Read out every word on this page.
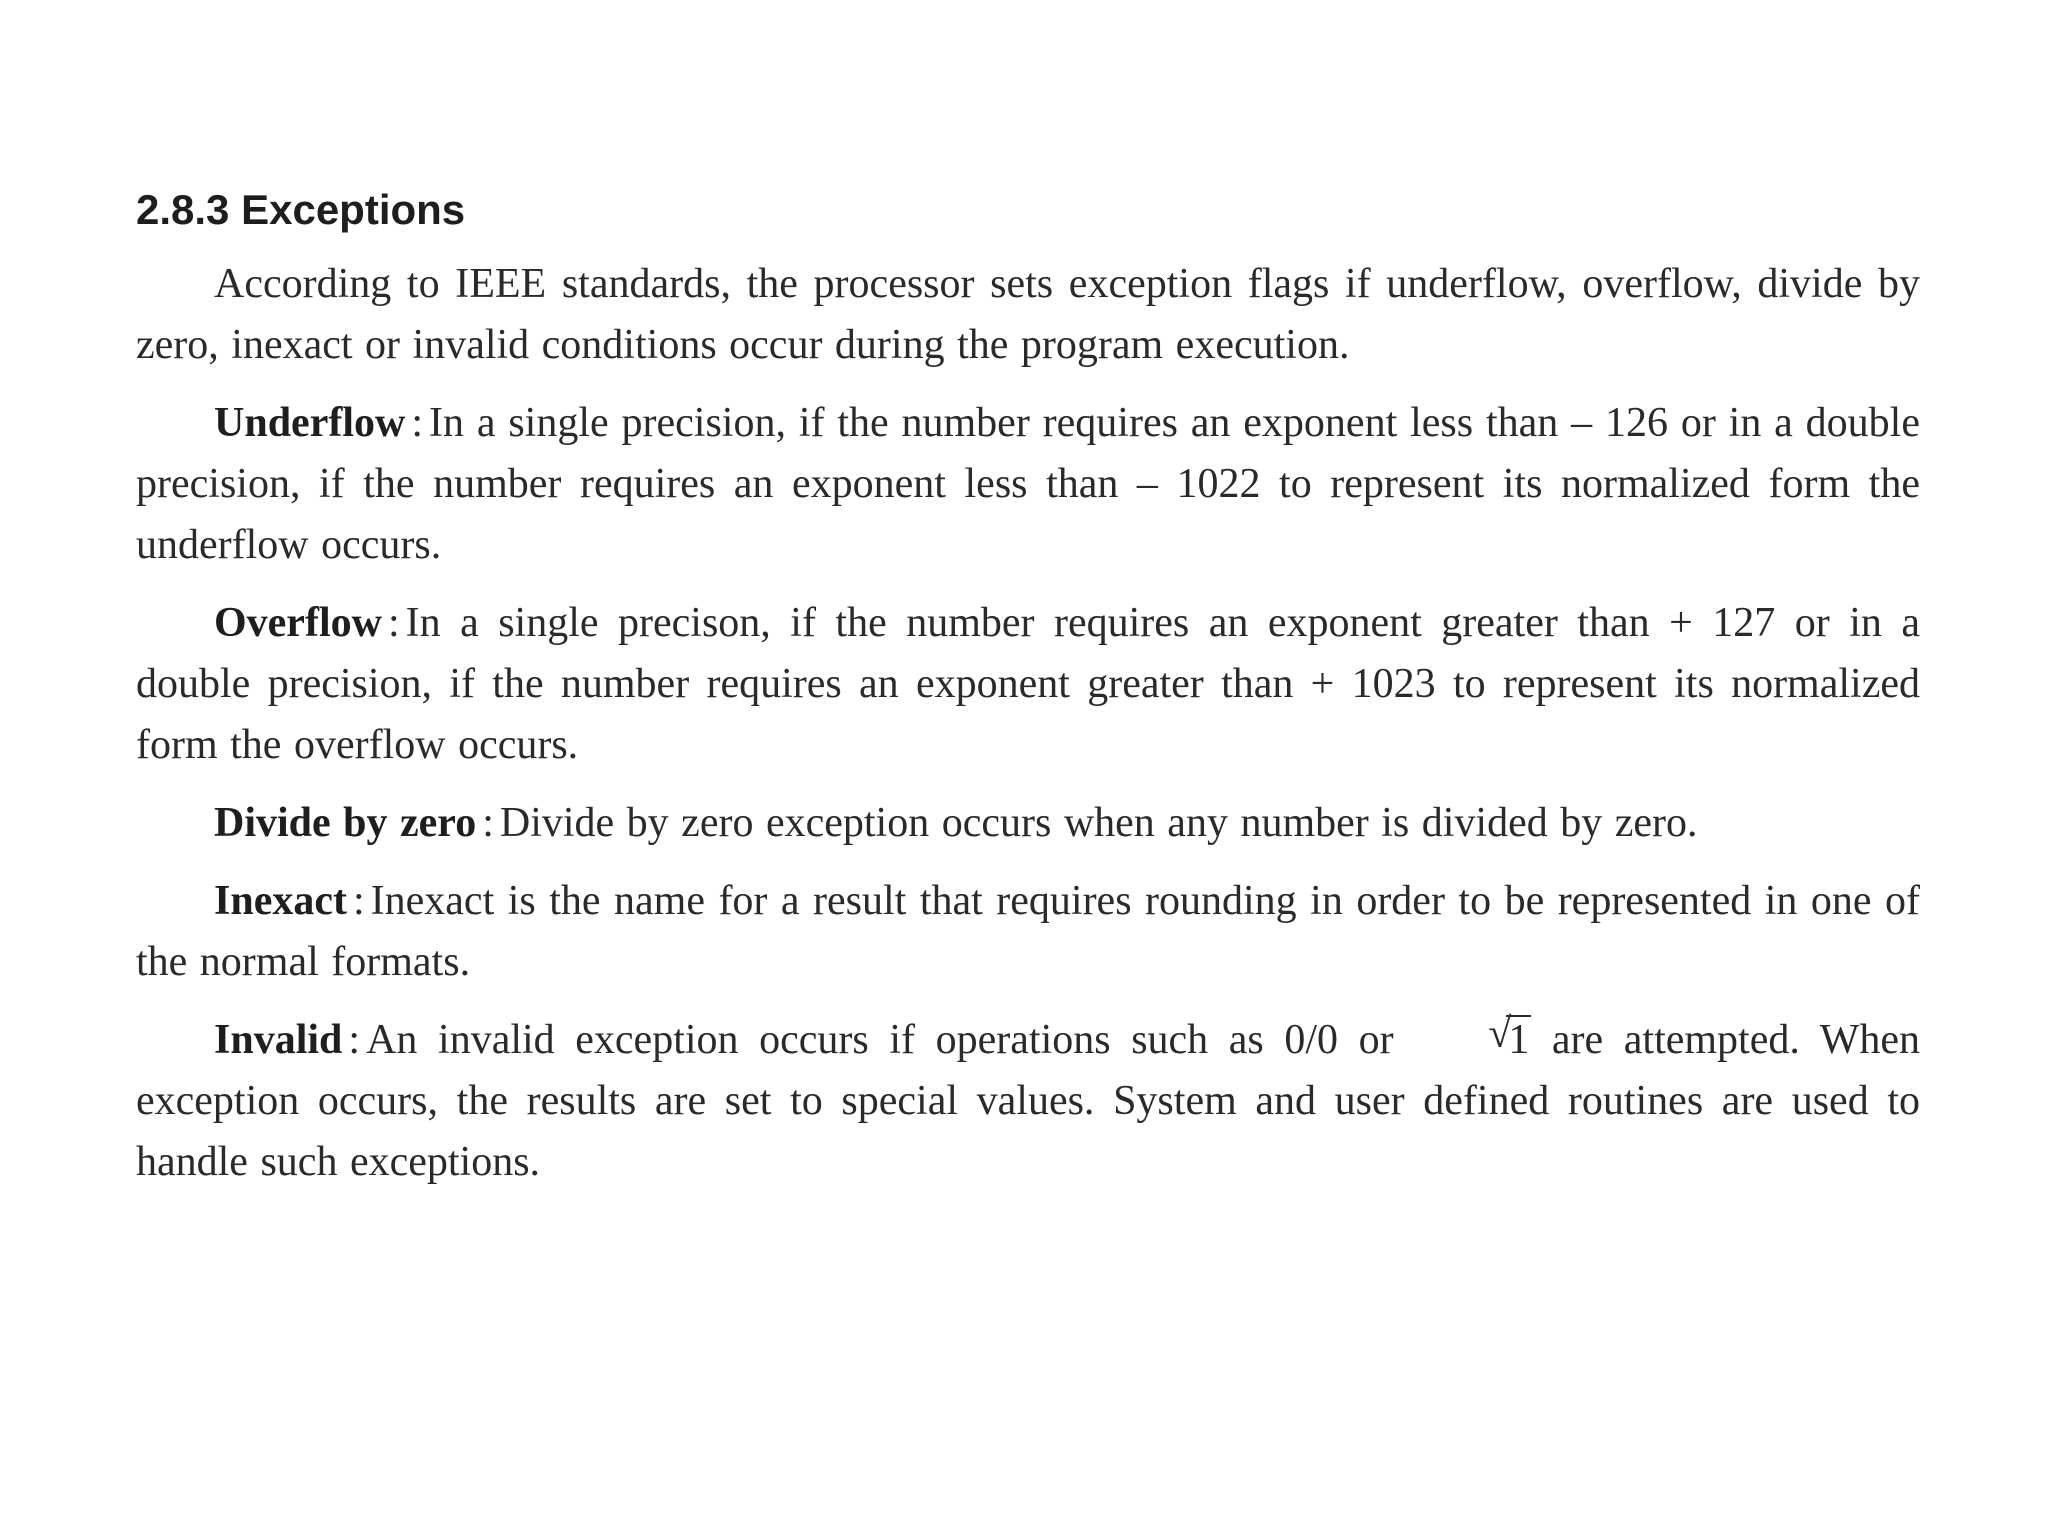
2.8.3 Exceptions

According to IEEE standards, the processor sets exception flags if underflow, overflow, divide by zero, inexact or invalid conditions occur during the program execution.

Underflow : In a single precision, if the number requires an exponent less than – 126 or in a double precision, if the number requires an exponent less than – 1022 to represent its normalized form the underflow occurs.

Overflow : In a single precison, if the number requires an exponent greater than + 127 or in a double precision, if the number requires an exponent greater than + 1023 to represent its normalized form the overflow occurs.

Divide by zero : Divide by zero exception occurs when any number is divided by zero.

Inexact : Inexact is the name for a result that requires rounding in order to be represented in one of the normal formats.

Invalid : An invalid exception occurs if operations such as 0/0 or	√
1 are attempted. When exception occurs, the results are set to special values. System and user defined routines are used to handle such exceptions.
